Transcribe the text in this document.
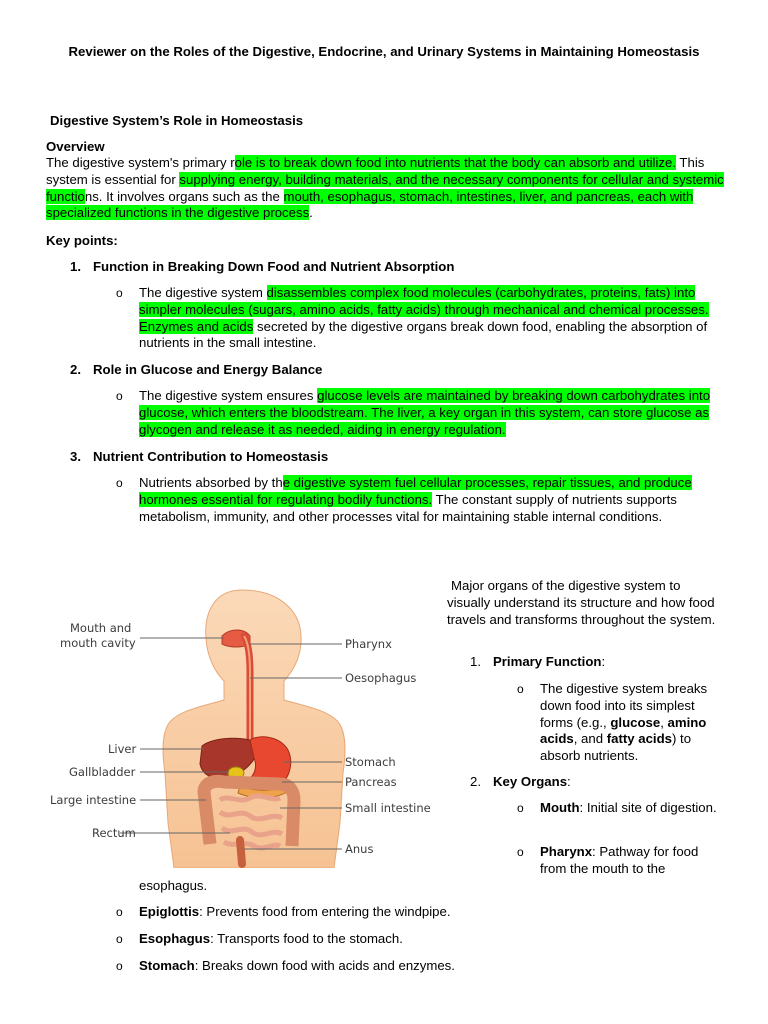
Reviewer on the Roles of the Digestive, Endocrine, and Urinary Systems in Maintaining Homeostasis
Digestive System’s Role in Homeostasis
Overview
The digestive system's primary role is to break down food into nutrients that the body can absorb and utilize. This system is essential for supplying energy, building materials, and the necessary components for cellular and systemic functions. It involves organs such as the mouth, esophagus, stomach, intestines, liver, and pancreas, each with specialized functions in the digestive process.
Key points:
1. Function in Breaking Down Food and Nutrient Absorption
o The digestive system disassembles complex food molecules (carbohydrates, proteins, fats) into simpler molecules (sugars, amino acids, fatty acids) through mechanical and chemical processes. Enzymes and acids secreted by the digestive organs break down food, enabling the absorption of nutrients in the small intestine.
2. Role in Glucose and Energy Balance
o The digestive system ensures glucose levels are maintained by breaking down carbohydrates into glucose, which enters the bloodstream. The liver, a key organ in this system, can store glucose as glycogen and release it as needed, aiding in energy regulation.
3. Nutrient Contribution to Homeostasis
o Nutrients absorbed by the digestive system fuel cellular processes, repair tissues, and produce hormones essential for regulating bodily functions. The constant supply of nutrients supports metabolism, immunity, and other processes vital for maintaining stable internal conditions.
Mouth and
mouth cavity	Pharynx
Oesophagus
Liver
Gallbladder
Large intestine
Rectum
Stomach
Pancreas
Small intestine
Anus
Major organs of the digestive system to visually understand its structure and how food travels and transforms throughout the system.
1. Primary Function:
o The digestive system breaks down food into its simplest forms (e.g., glucose, amino acids, and fatty acids) to absorb nutrients.
2. Key Organs:
o Mouth: Initial site of digestion.
o Pharynx: Pathway for food from the mouth to the
esophagus.
o Epiglottis: Prevents food from entering the windpipe.
o Esophagus: Transports food to the stomach.
o Stomach: Breaks down food with acids and enzymes.
